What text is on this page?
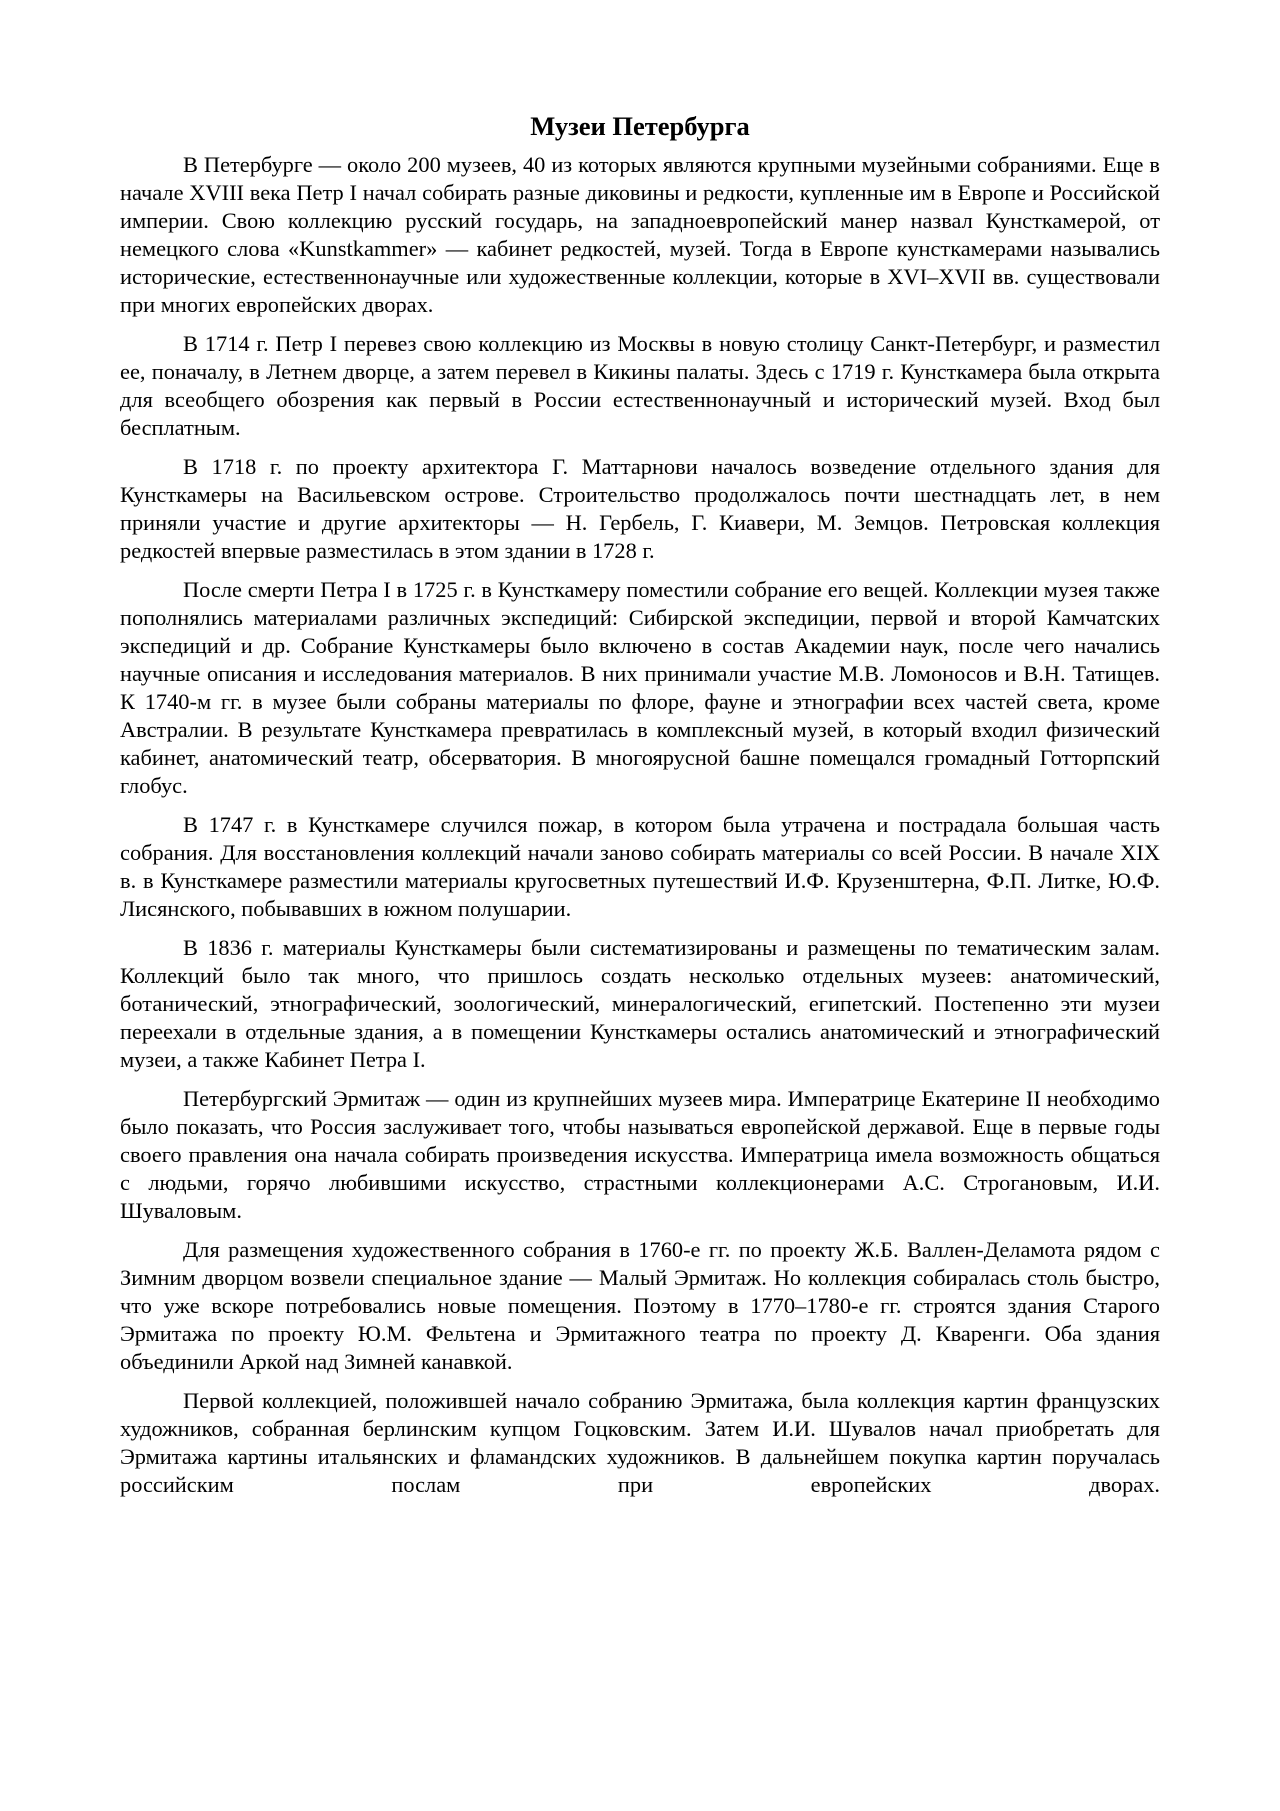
Музеи Петербурга

В Петербурге — около 200 музеев, 40 из которых являются крупными музейными собраниями. Еще в начале XVIII века Петр I начал собирать разные диковины и редкости, купленные им в Европе и Российской империи. Свою коллекцию русский государь, на западноевропейский манер назвал Кунсткамерой, от немецкого слова «Kunstkammer» — кабинет редкостей, музей. Тогда в Европе кунсткамерами назывались исторические, естественнонаучные или художественные коллекции, которые в XVI–XVII вв. существовали при многих европейских дворах.

В 1714 г. Петр I перевез свою коллекцию из Москвы в новую столицу Санкт-Петербург, и разместил ее, поначалу, в Летнем дворце, а затем перевел в Кикины палаты. Здесь с 1719 г. Кунсткамера была открыта для всеобщего обозрения как первый в России естественнонаучный и исторический музей. Вход был бесплатным.

В 1718 г. по проекту архитектора Г. Маттарнови началось возведение отдельного здания для Кунсткамеры на Васильевском острове. Строительство продолжалось почти шестнадцать лет, в нем приняли участие и другие архитекторы — Н. Гербель, Г. Киавери, М. Земцов. Петровская коллекция редкостей впервые разместилась в этом здании в 1728 г.

После смерти Петра I в 1725 г. в Кунсткамеру поместили собрание его вещей. Коллекции музея также пополнялись материалами различных экспедиций: Сибирской экспедиции, первой и второй Камчатских экспедиций и др. Собрание Кунсткамеры было включено в состав Академии наук, после чего начались научные описания и исследования материалов. В них принимали участие М.В. Ломоносов и В.Н. Татищев. К 1740-м гг. в музее были собраны материалы по флоре, фауне и этнографии всех частей света, кроме Австралии. В результате Кунсткамера превратилась в комплексный музей, в который входил физический кабинет, анатомический театр, обсерватория. В многоярусной башне помещался громадный Готторпский глобус.

В 1747 г. в Кунсткамере случился пожар, в котором была утрачена и пострадала большая часть собрания. Для восстановления коллекций начали заново собирать материалы со всей России. В начале XIX в. в Кунсткамере разместили материалы кругосветных путешествий И.Ф. Крузенштерна, Ф.П. Литке, Ю.Ф. Лисянского, побывавших в южном полушарии.

В 1836 г. материалы Кунсткамеры были систематизированы и размещены по тематическим залам. Коллекций было так много, что пришлось создать несколько отдельных музеев: анатомический, ботанический, этнографический, зоологический, минералогический, египетский. Постепенно эти музеи переехали в отдельные здания, а в помещении Кунсткамеры остались анатомический и этнографический музеи, а также Кабинет Петра I.

Петербургский Эрмитаж — один из крупнейших музеев мира. Императрице Екатерине II необходимо было показать, что Россия заслуживает того, чтобы называться европейской державой. Еще в первые годы своего правления она начала собирать произведения искусства. Императрица имела возможность общаться с людьми, горячо любившими искусство, страстными коллекционерами А.С. Строгановым, И.И. Шуваловым.

Для размещения художественного собрания в 1760-е гг. по проекту Ж.Б. Валлен-Деламота рядом с Зимним дворцом возвели специальное здание — Малый Эрмитаж. Но коллекция собиралась столь быстро, что уже вскоре потребовались новые помещения. Поэтому в 1770–1780-е гг. строятся здания Старого Эрмитажа по проекту Ю.М. Фельтена и Эрмитажного театра по проекту Д. Кваренги. Оба здания объединили Аркой над Зимней канавкой.

Первой коллекцией, положившей начало собранию Эрмитажа, была коллекция картин французских художников, собранная берлинским купцом Гоцковским. Затем И.И. Шувалов начал приобретать для Эрмитажа картины итальянских и фламандских художников. В дальнейшем покупка картин поручалась российским послам при европейских дворах.
